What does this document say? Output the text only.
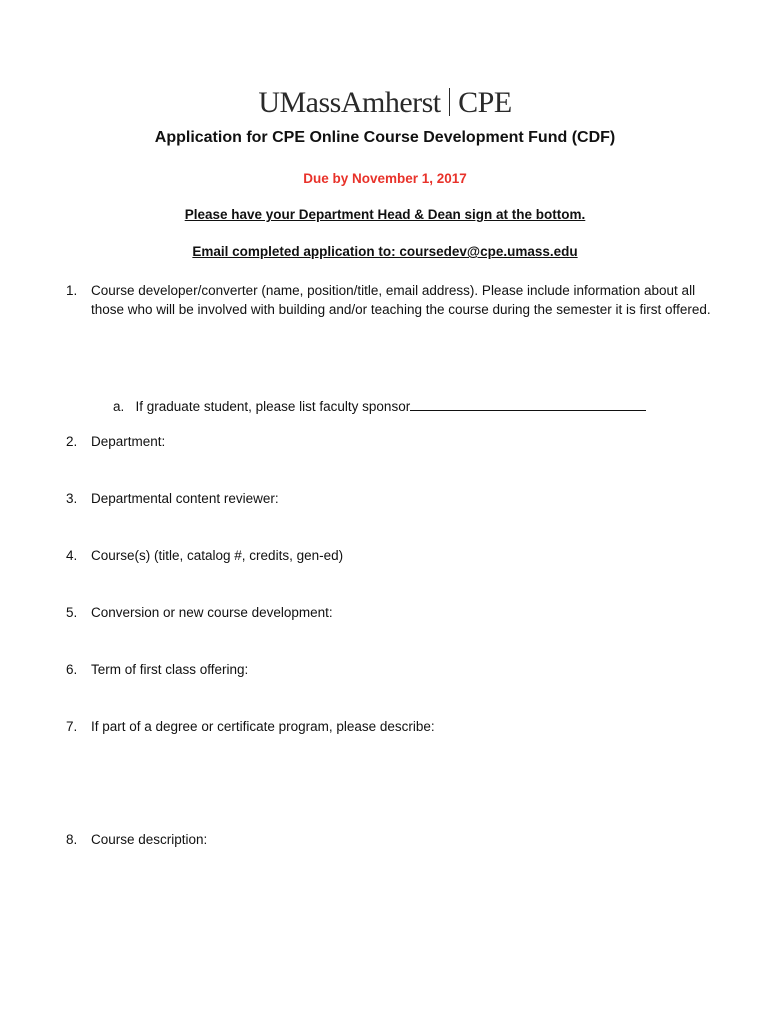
UMassAmherst CPE
Application for CPE Online Course Development Fund (CDF)
Due by November 1, 2017
Please have your Department Head & Dean sign at the bottom.
Email completed application to: coursedev@cpe.umass.edu
1. Course developer/converter (name, position/title, email address). Please include information about all those who will be involved with building and/or teaching the course during the semester it is first offered.
a. If graduate student, please list faculty sponsor
2. Department:
3. Departmental content reviewer:
4. Course(s) (title, catalog #, credits, gen-ed)
5. Conversion or new course development:
6. Term of first class offering:
7. If part of a degree or certificate program, please describe:
8. Course description:
